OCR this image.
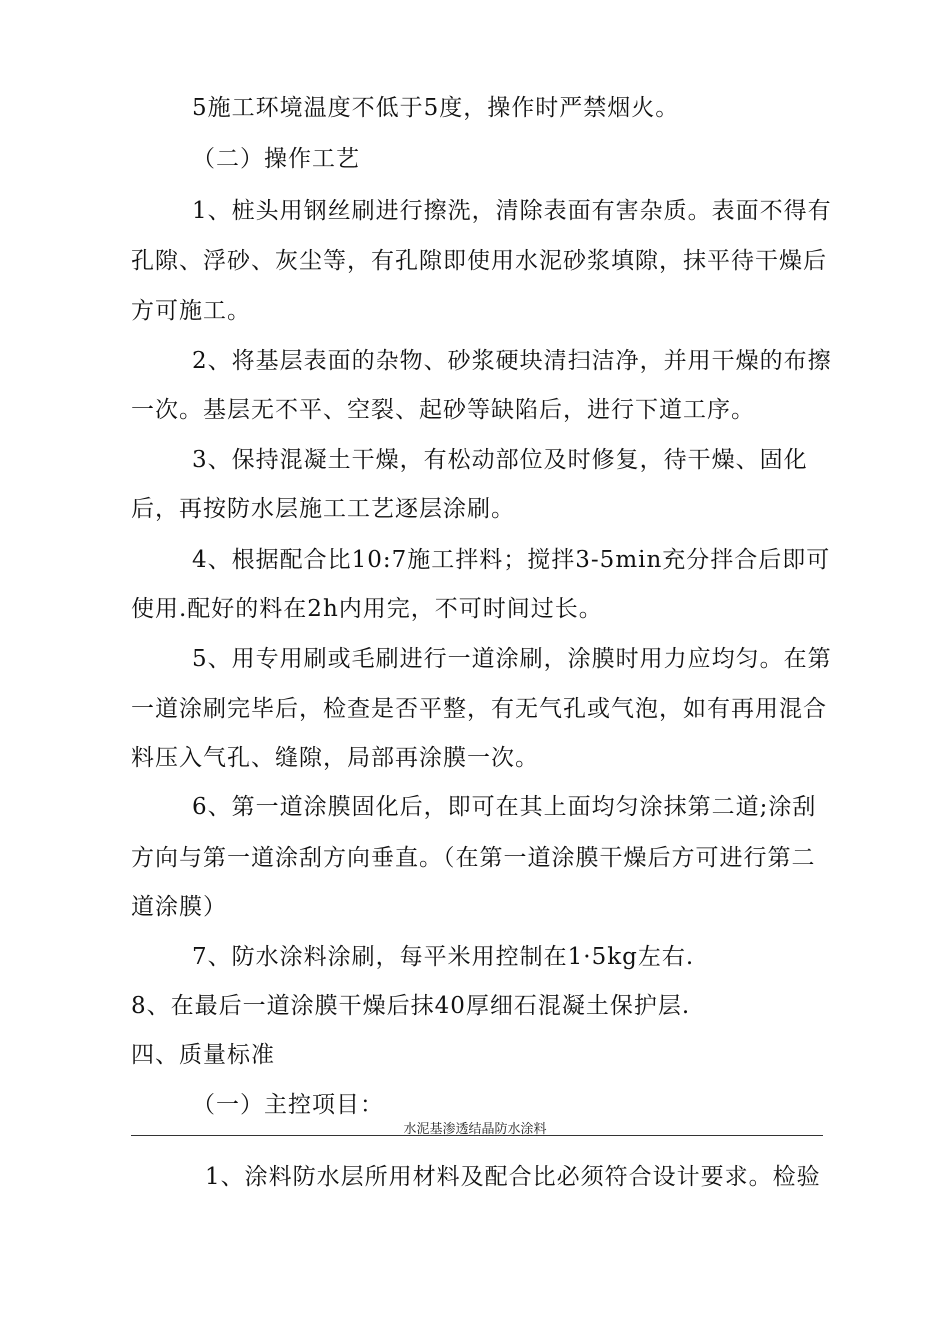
5施工环境温度不低于5度，操作时严禁烟火。
（二）操作工艺
1、桩头用钢丝刷进行擦洗，清除表面有害杂质。表面不得有
孔隙、浮砂、灰尘等，有孔隙即使用水泥砂浆填隙，抹平待干燥后
方可施工。
2、将基层表面的杂物、砂浆硬块清扫洁净，并用干燥的布擦
一次。基层无不平、空裂、起砂等缺陷后，进行下道工序。
3、保持混凝土干燥，有松动部位及时修复，待干燥、固化
后，再按防水层施工工艺逐层涂刷。
4、根据配合比10:7施工拌料；搅拌3-5min充分拌合后即可
使用.配好的料在2h内用完，不可时间过长。
5、用专用刷或毛刷进行一道涂刷，涂膜时用力应均匀。在第
一道涂刷完毕后，检查是否平整，有无气孔或气泡，如有再用混合
料压入气孔、缝隙，局部再涂膜一次。
6、第一道涂膜固化后，即可在其上面均匀涂抹第二道;涂刮
方向与第一道涂刮方向垂直。（在第一道涂膜干燥后方可进行第二
道涂膜）
7、防水涂料涂刷，每平米用控制在1·5kg左右.
8、在最后一道涂膜干燥后抹40厚细石混凝土保护层.
四、质量标准
（一）主控项目：
水泥基渗透结晶防水涂料
1、涂料防水层所用材料及配合比必须符合设计要求。检验
